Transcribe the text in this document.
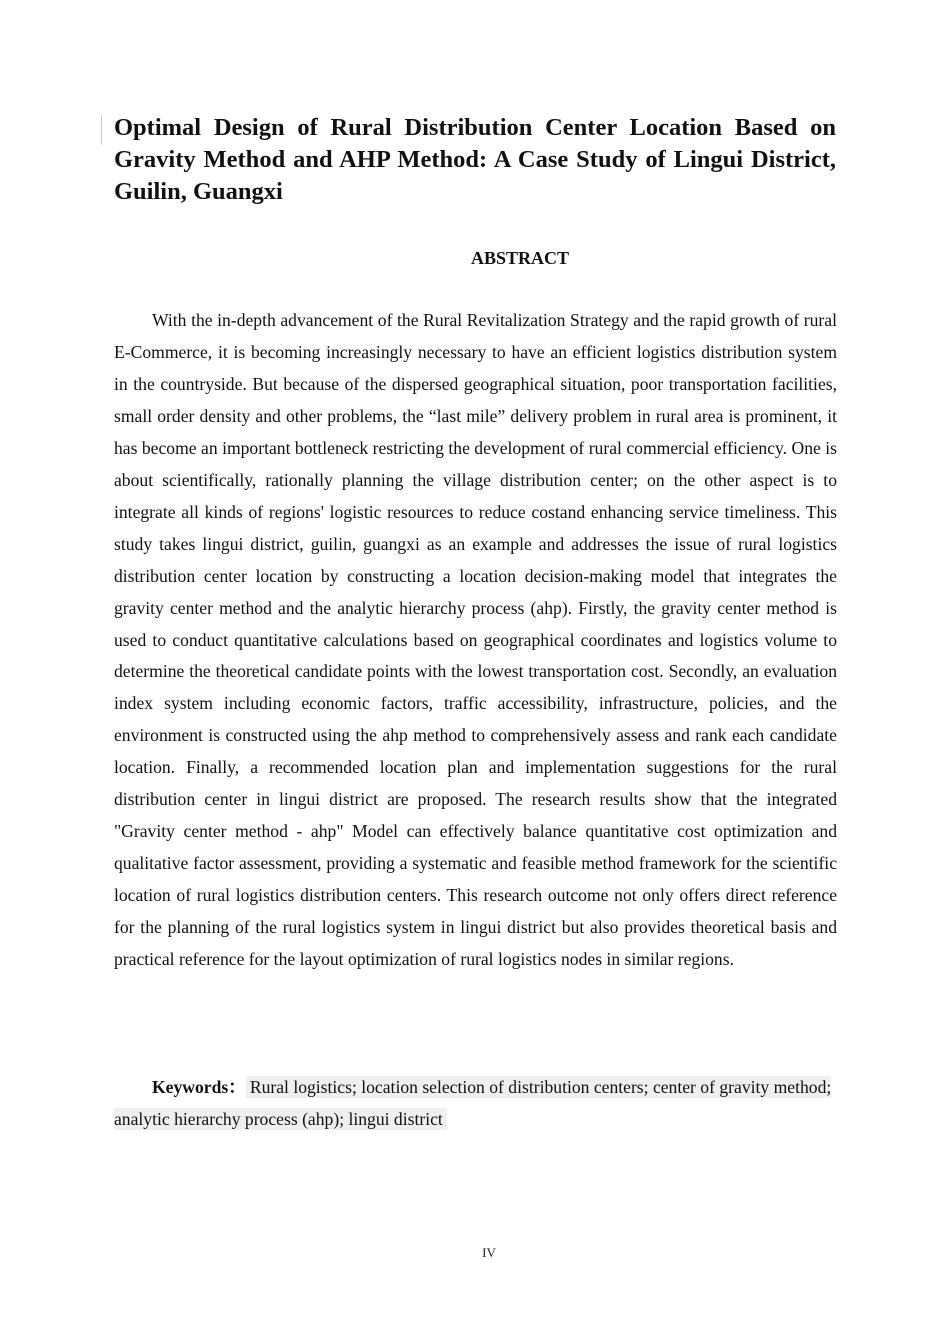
Optimal Design of Rural Distribution Center Location Based on Gravity Method and AHP Method: A Case Study of Lingui District, Guilin, Guangxi
ABSTRACT

With the in-depth advancement of the Rural Revitalization Strategy and the rapid growth of rural E-Commerce, it is becoming increasingly necessary to have an efficient logistics distribution system in the countryside. But because of the dispersed geographical situation, poor transportation facilities, small order density and other problems, the “last mile” delivery problem in rural area is prominent, it has become an important bottleneck restricting the development of rural commercial efficiency. One is about scientifically, rationally planning the village distribution center; on the other aspect is to integrate all kinds of regions' logistic resources to reduce costand enhancing service timeliness. This study takes lingui district, guilin, guangxi as an example and addresses the issue of rural logistics distribution center location by constructing a location decision-making model that integrates the gravity center method and the analytic hierarchy process (ahp). Firstly, the gravity center method is used to conduct quantitative calculations based on geographical coordinates and logistics volume to determine the theoretical candidate points with the lowest transportation cost. Secondly, an evaluation index system including economic factors, traffic accessibility, infrastructure, policies, and the environment is constructed using the ahp method to comprehensively assess and rank each candidate location. Finally, a recommended location plan and implementation suggestions for the rural distribution center in lingui district are proposed. The research results show that the integrated "Gravity center method - ahp" Model can effectively balance quantitative cost optimization and qualitative factor assessment, providing a systematic and feasible method framework for the scientific location of rural logistics distribution centers. This research outcome not only offers direct reference for the planning of the rural logistics system in lingui district but also provides theoretical basis and practical reference for the layout optimization of rural logistics nodes in similar regions.

Keywords： Rural logistics; location selection of distribution centers; center of gravity method; analytic hierarchy process (ahp); lingui district

IV
